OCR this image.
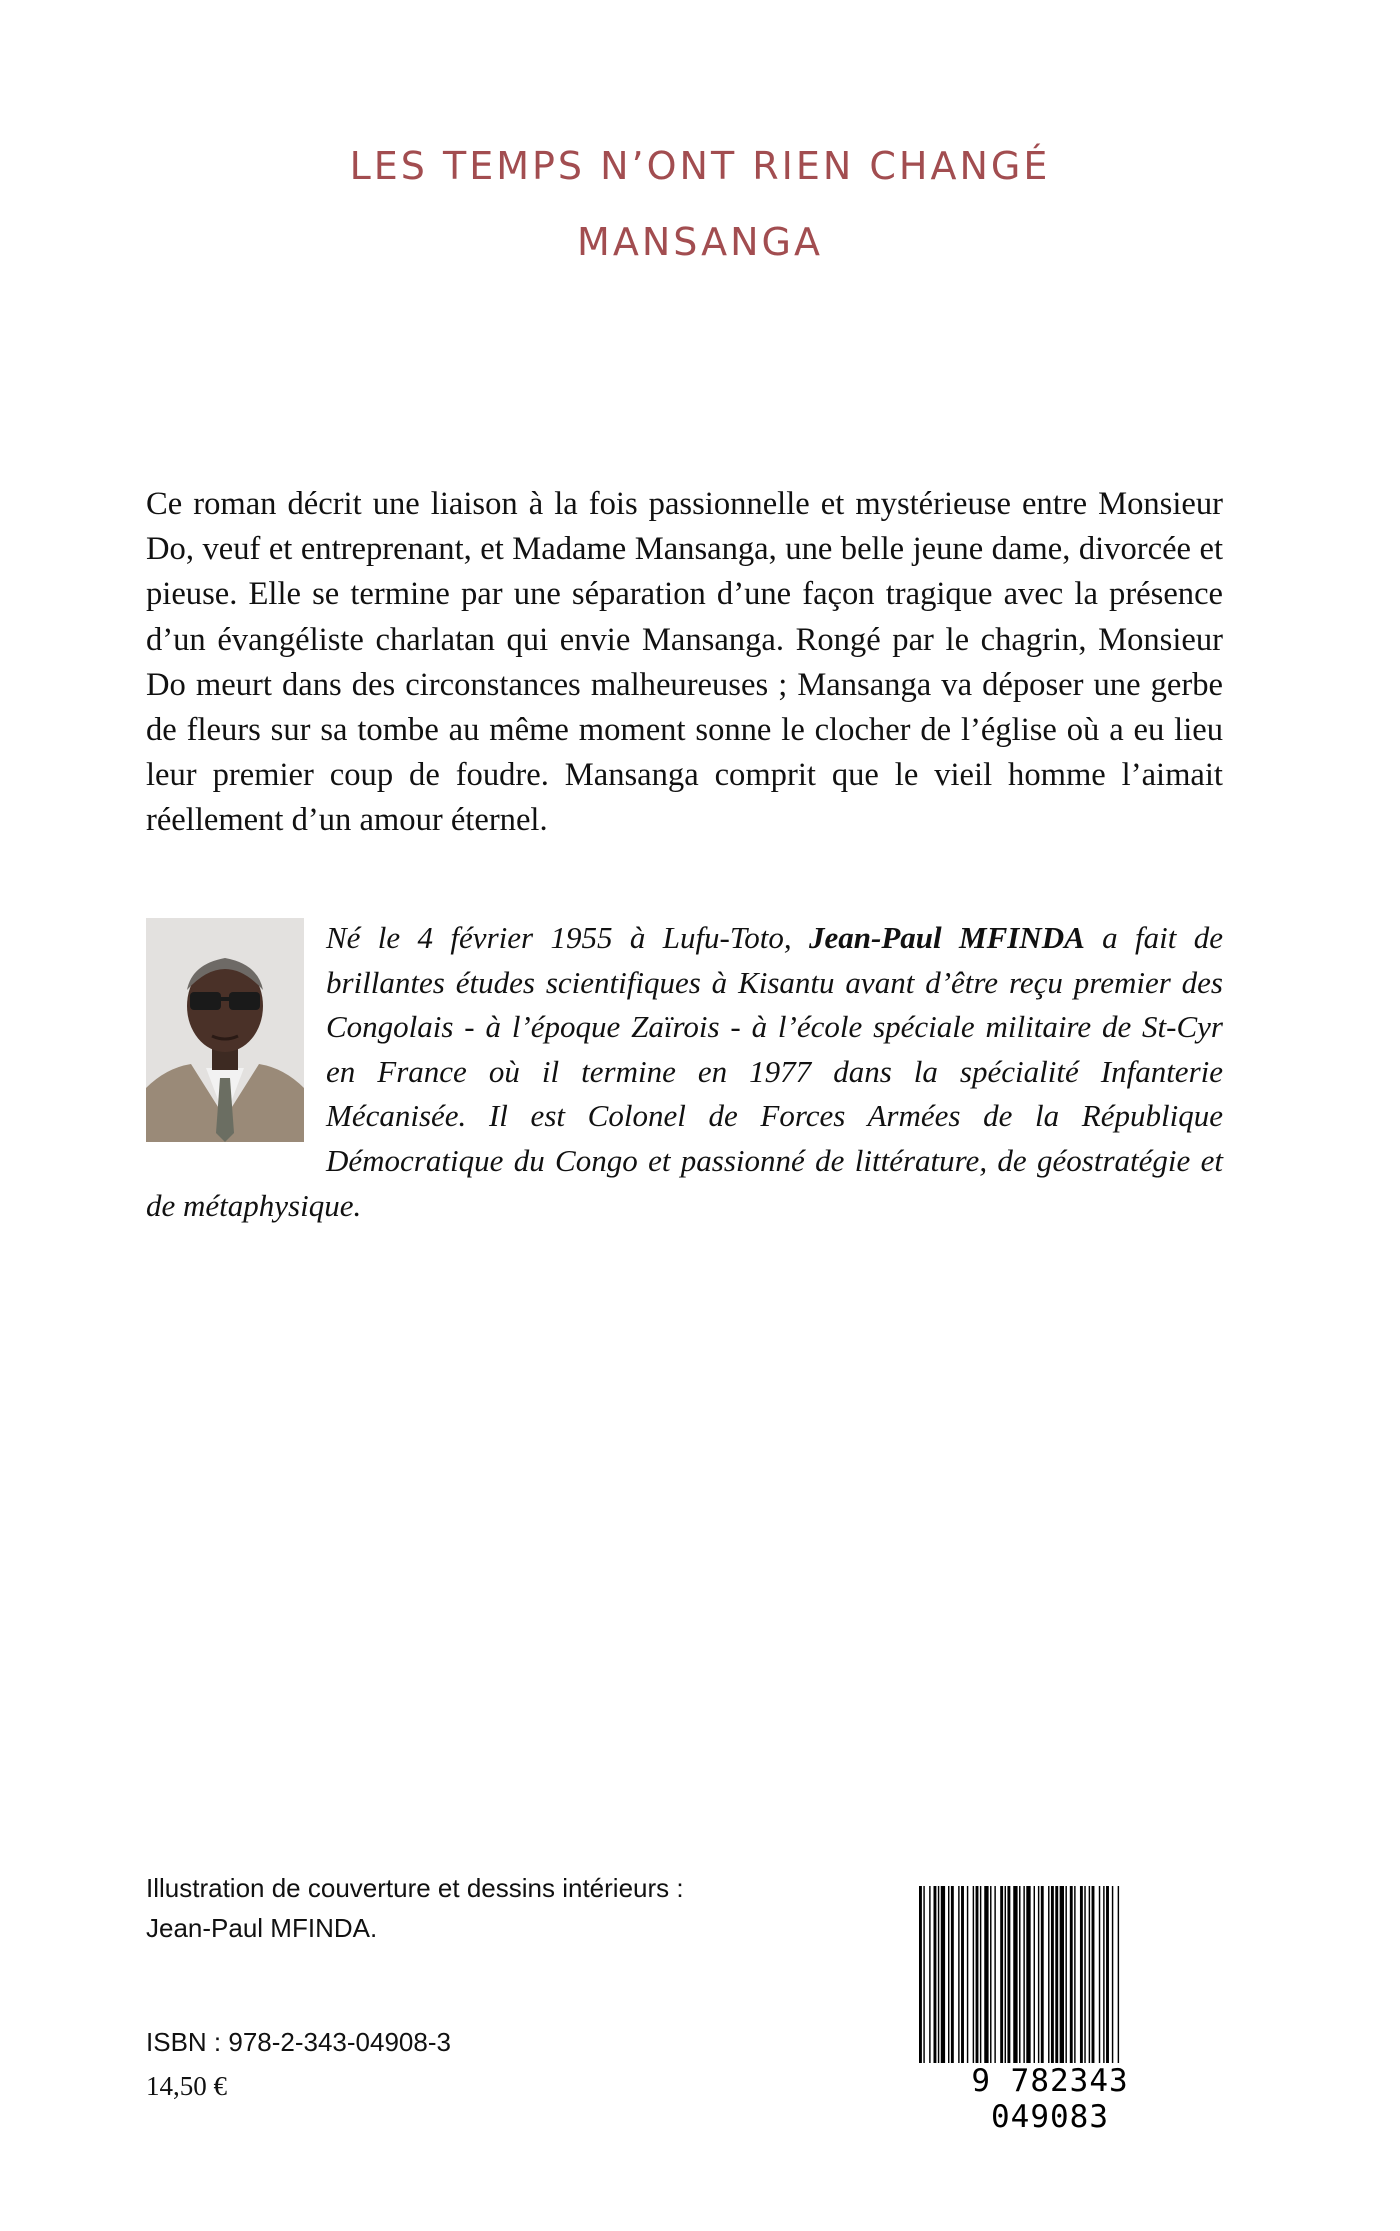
LES TEMPS N’ONT RIEN CHANGÉ
MANSANGA

Ce roman décrit une liaison à la fois passionnelle et mystérieuse entre Monsieur Do, veuf et entreprenant, et Madame Mansanga, une belle jeune dame, divorcée et pieuse. Elle se termine par une séparation d’une façon tragique avec la présence d’un évangéliste charlatan qui envie Mansanga. Rongé par le chagrin, Monsieur Do meurt dans des circonstances malheureuses ; Mansanga va déposer une gerbe de fleurs sur sa tombe au même moment sonne le clocher de l’église où a eu lieu leur premier coup de foudre. Mansanga comprit que le vieil homme l’aimait réellement d’un amour éternel.

Né le 4 février 1955 à Lufu-Toto, Jean-Paul MFINDA a fait de brillantes études scientifiques à Kisantu avant d’être reçu premier des Congolais - à l’époque Zaïrois - à l’école spéciale militaire de St-Cyr en France où il termine en 1977 dans la spécialité Infanterie Mécanisée. Il est Colonel de Forces Armées de la République Démocratique du Congo et passionné de littérature, de géostratégie et de métaphysique.
Illustration de couverture et dessins intérieurs :
Jean-Paul MFINDA.
ISBN : 978-2-343-04908-3
14,50 €	9 782343 049083
